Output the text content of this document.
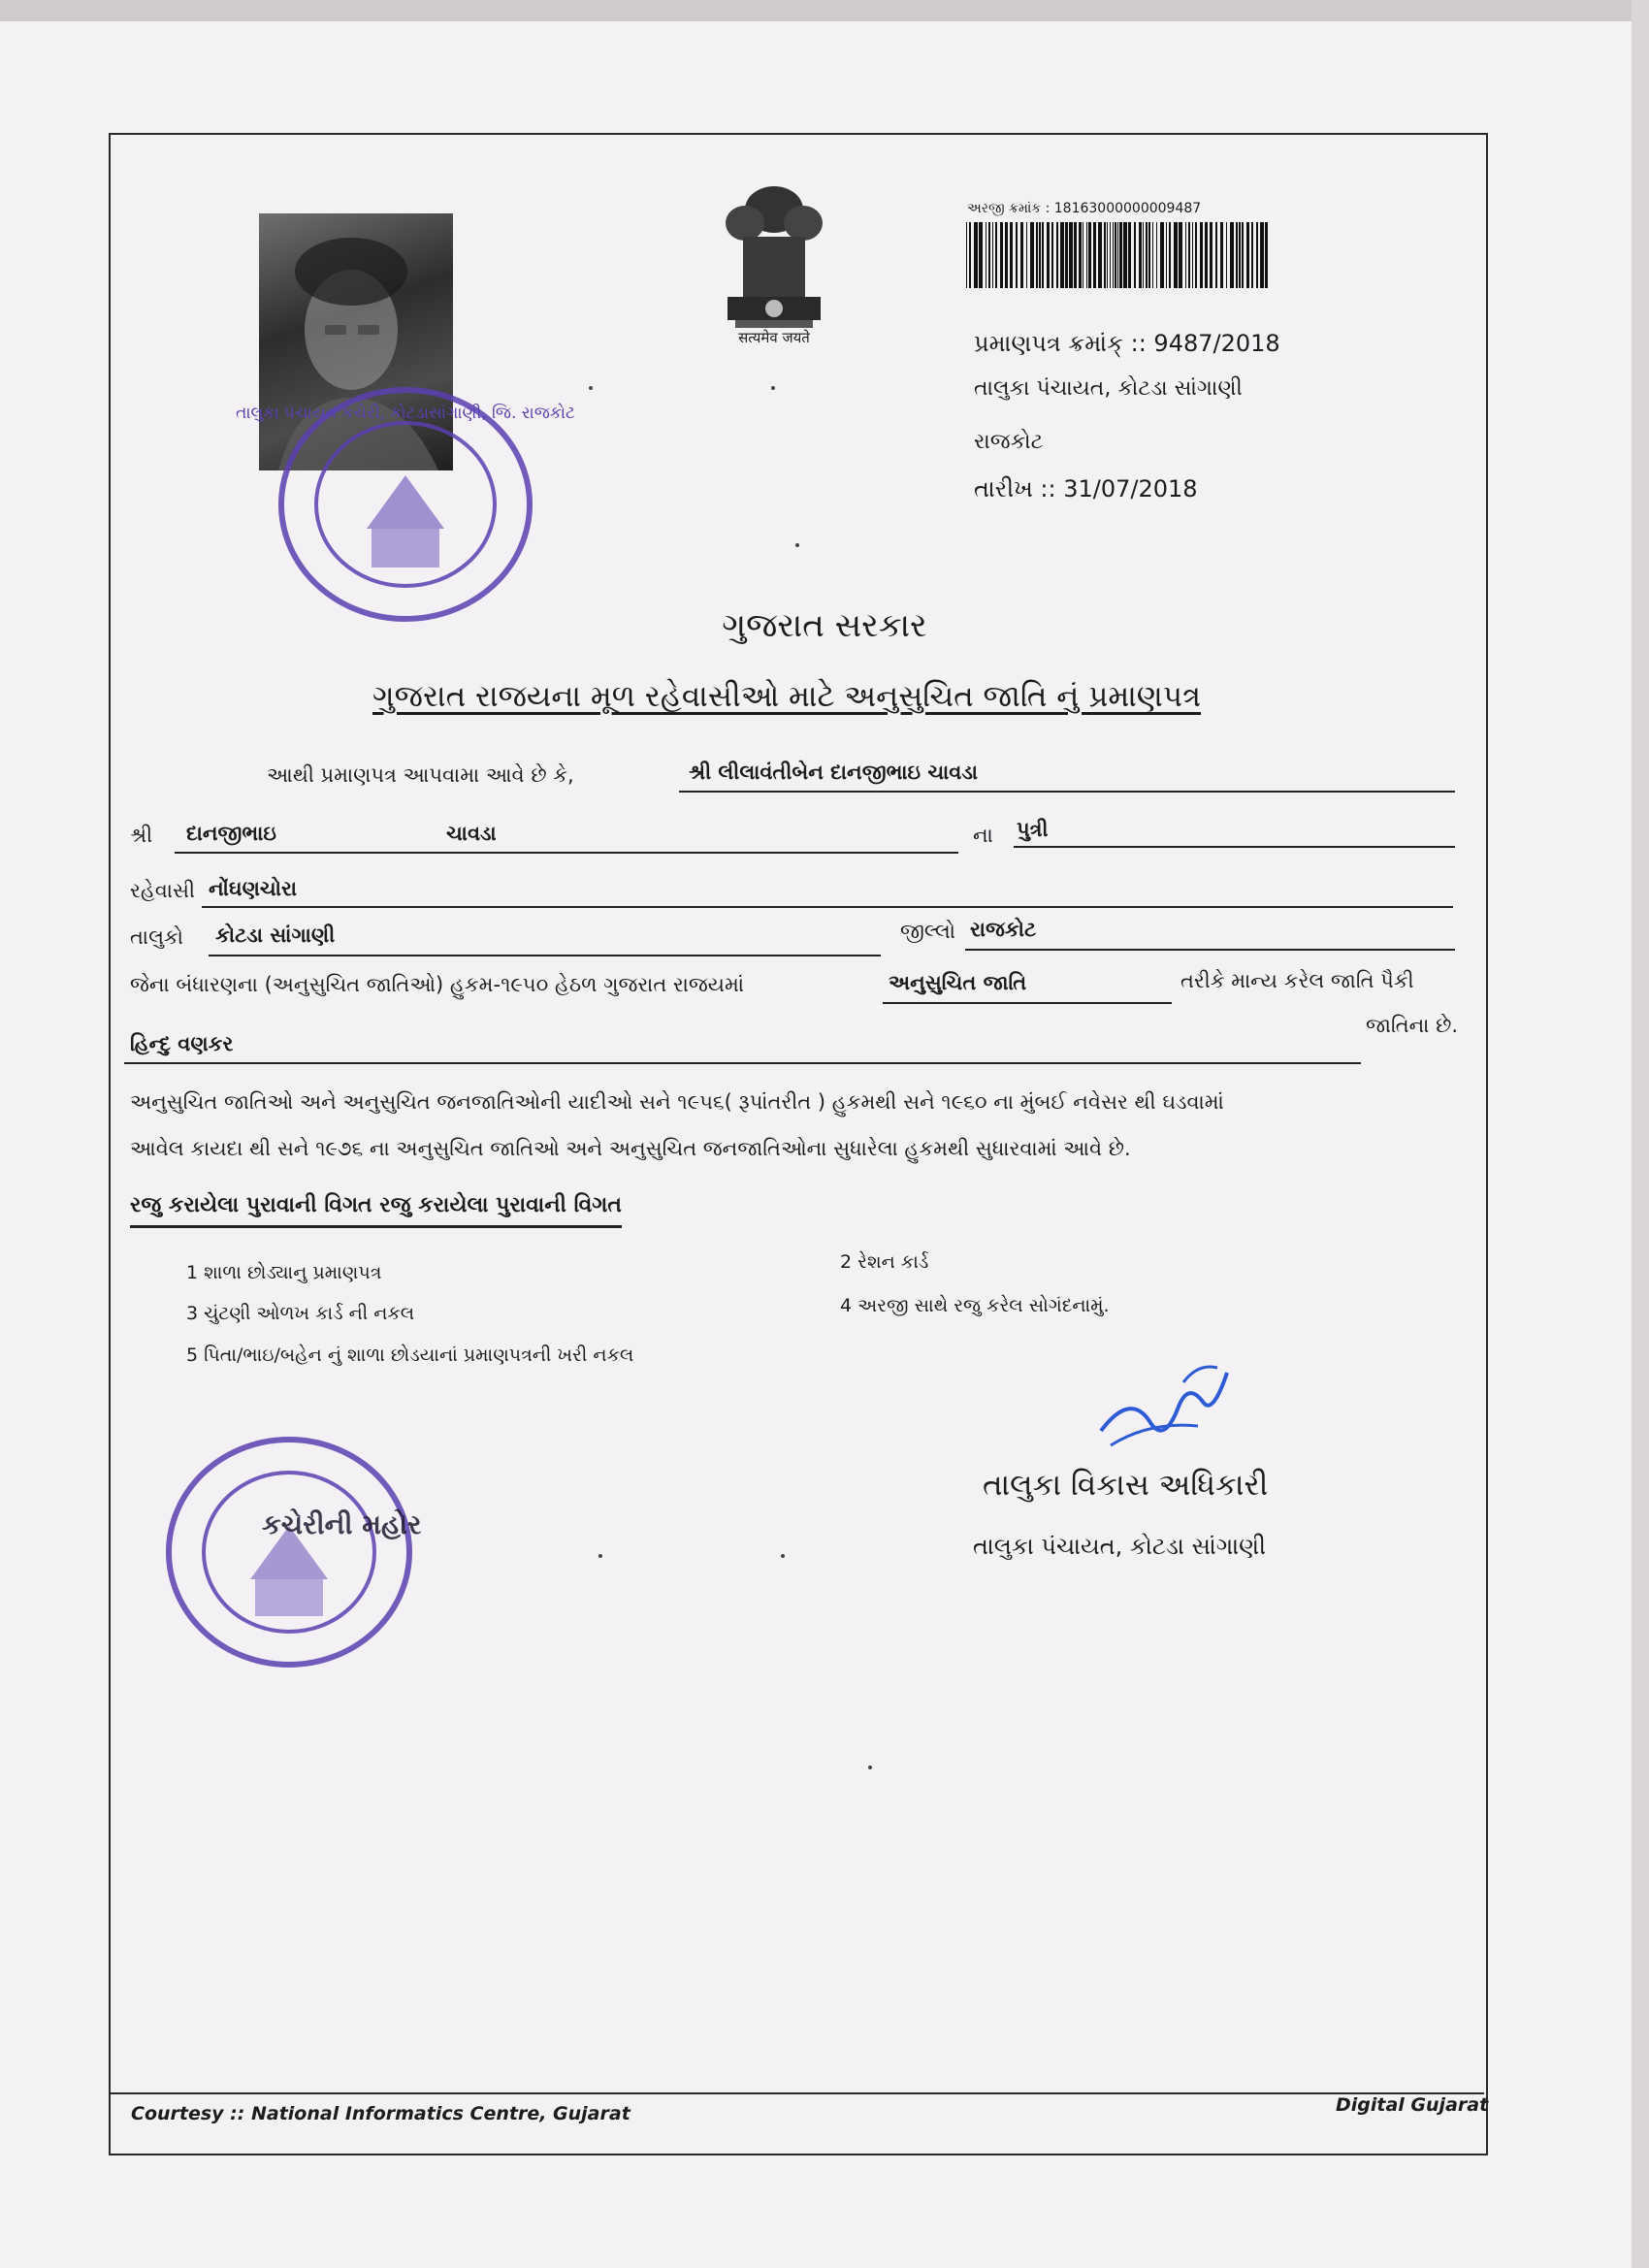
તાલુકા પંચાયત કચેરી, કોટડાસાંગાણી, જિ. રાજકોટ
सत्यमेव जयते
અરજી ક્રમાંક : 18163000000009487
પ્રમાણપત્ર ક્રમાંક્ :: 9487/2018
તાલુકા પંચાયત, કોટડા સાંગાણી
રાજકોટ
તારીખ :: 31/07/2018
ગુજરાત સરકાર
ગુજરાત રાજયના મૂળ રહેવાસીઓ માટે અનુસુચિત જાતિ નું પ્રમાણપત્ર
આથી પ્રમાણપત્ર આપવામા આવે છે કે,	શ્રી લીલાવંતીબેન દાનજીભાઇ ચાવડા
શ્રી દાનજીભાઇ	ચાવડા	ના પુત્રી
રહેવાસી નોંઘણચોરા
તાલુકો કોટડા સાંગાણી	જીલ્લો રાજકોટ
જેના બંધારણના (અનુસુચિત જાતિઓ) હુકમ-૧૯૫૦ હેઠળ ગુજરાત રાજયમાં	અનુસુચિત જાતિ	તરીકે માન્ય કરેલ જાતિ પૈકી
હિન્દુ વણકર
જાતિના છે.
અનુસુચિત જાતિઓ અને અનુસુચિત જનજાતિઓની યાદીઓ સને ૧૯૫૬( રૂપાંતરીત ) હુકમથી સને ૧૯૬૦ ના મુંબઈ નવેસર થી ઘડવામાં
આવેલ કાયદા થી સને ૧૯૭૬ ના અનુસુચિત જાતિઓ અને અનુસુચિત જનજાતિઓના સુધારેલા હુકમથી સુધારવામાં આવે છે.
રજુ કરાયેલા પુરાવાની વિગત રજુ કરાયેલા પુરાવાની વિગત
1 શાળા છોડ્યાનુ પ્રમાણપત્ર	2 રેશન કાર્ડ
3 ચુંટણી ઓળખ કાર્ડ ની નકલ	4 અરજી સાથે રજુ કરેલ સોગંદનામું.
5 પિતા/ભાઇ/બહેન નું શાળા છોડયાનાં પ્રમાણપત્રની ખરી નકલ
તાલુકા વિકાસ અધિકારી
તાલુકા પંચાયત, કોટડા સાંગાણી
કચેરીની મહોર
Courtesy :: National Informatics Centre, Gujarat	Digital Gujarat
